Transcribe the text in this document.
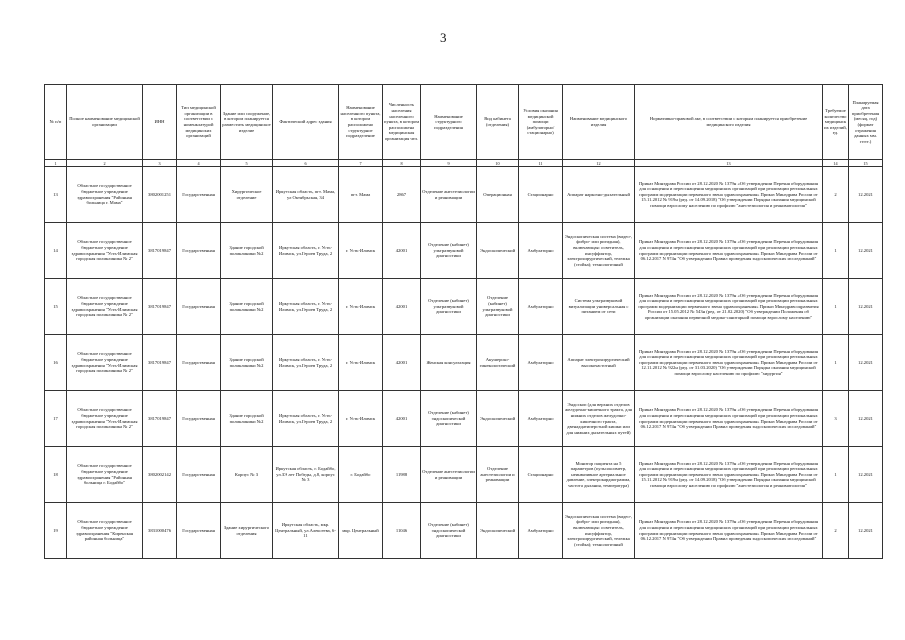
3
№ п/п	Полное наименование медицинской организации	ИНН	Тип медицинской организации в соответствии с номенклатурой медицинских организаций	Здание или сооружение, в котором планируется разместить медицинское изделие	Фактический адрес здания	Наименование населенного пункта, в котором расположено структурное подразделение	Численность населения населенного пункта, в котором расположена медицинская организация чел.	Наименование структурного подразделения	Вид кабинета (отделения)	Условия оказания медицинской помощи (амбулаторно/ стационарно)	Наименование медицинского изделия	Нормативно-правовой акт, в соответствии с которым планируется приобретение медицинского изделия	Требуемое количество медицинских изделий, ед.	Планируемая дата приобретения (месяц, год) (формат отражения данных мм. ггггг.)
1	2	3	4	5	6	7	8	9	10	11	12	13	14	15
13	Областное государственное бюджетное учреждение здравоохранения "Районная больница г. Мама"	3802001251	Государственная	Хирургическое отделение	Иркутская область, пгт. Мама, ул Октябрьская, 34	пгт. Мама	2867	Отделение анестезиологии и реанимации	Операционная	Стационарно	Аппарат наркозно-дыхательный	Приказ Минздрава России от 28.12.2020 № 1379н «Об утверждении Перечня оборудования для оснащения и переоснащения медицинских организаций при реализации региональных программ модернизации первичного звена здравоохранения» Приказ Минздрава России от 15.11.2012 № 919н (ред. от 14.09.2018) "Об утверждении Порядка оказания медицинской помощи взрослому населению по профилю "анестезиология и реаниматология"	2	12.2021
14	Областное государственное бюджетное учреждение здравоохранения "Усть-Илимская городская поликлиника № 2"	3817019847	Государственная	Здание городской поликлиники №2	Иркутская область, г. Усть-Илимск, ул.Героев Труда, 2	г. Усть-Илимск	42001	Отделение (кабинет) ультразвуковой диагностики	Эндоскопический	Амбулаторно	Эндоскопическая система (видео-, фибро- или ригидная), включающая: осветитель, инсуффлятор, электрохирургический, тележка (стойка); технологичный	Приказ Минздрава России от 28.12.2020 № 1379н «Об утверждении Перечня оборудования для оснащения и переоснащения медицинских организаций при реализации региональных программ модернизации первичного звена здравоохранения» Приказ Минздрава России от 06.12.2017 N 974н "Об утверждении Правил проведения эндоскопических исследований"	1	12.2021
15	Областное государственное бюджетное учреждение здравоохранения "Усть-Илимская городская поликлиника № 2"	3817019847	Государственная	Здание городской поликлиники №2	Иркутская область, г. Усть-Илимск, ул.Героев Труда, 2	г. Усть-Илимск	42001	Отделение (кабинет) ультразвуковой диагностики	Отделение (кабинет) ультразвуковой диагностики	Амбулаторно	Система ультразвуковой визуализации универсальная с питанием от сети	Приказ Минздрава России от 28.12.2020 № 1379н «Об утверждении Перечня оборудования для оснащения и переоснащения медицинских организаций при реализации региональных программ модернизации первичного звена здравоохранения» Приказ Минздравсоцразвития России от 15.05.2012 № 543н (ред. от 21.02.2020) "Об утверждении Положения об организации оказания первичной медико-санитарной помощи взрослому населению"	1	12.2021
16	Областное государственное бюджетное учреждение здравоохранения "Усть-Илимская городская поликлиника № 2"	3817019847	Государственная	Здание городской поликлиники №2	Иркутская область, г. Усть-Илимск, ул.Героев Труда, 2	г. Усть-Илимск	42001	Женская консультация	Акушерско-гинекологический	Амбулаторно	Аппарат электрохирургический высокочастотный	Приказ Минздрава России от 28.12.2020 № 1379н «Об утверждении Перечня оборудования для оснащения и переоснащения медицинских организаций при реализации региональных программ модернизации первичного звена здравоохранения» Приказ Минздрава России от 12.11.2012 № 922н (ред. от 31.03.2020) "Об утверждении Порядка оказания медицинской помощи взрослому населению по профилю "хирургия"	1	12.2021
17	Областное государственное бюджетное учреждение здравоохранения "Усть-Илимская городская поликлиника № 2"	3817019847	Государственная	Здание городской поликлиники №2	Иркутская область, г. Усть-Илимск, ул.Героев Труда, 2	г. Усть-Илимск	42001	Отделение (кабинет) эндоскопической диагностики	Эндоскопический	Амбулаторно	Эндоскоп (для верхних отделов желудочно-кишечного тракта, для нижних отделов желудочно-кишечного тракта, двенадцатиперстной кишки или для нижних дыхательных путей)	Приказ Минздрава России от 28.12.2020 № 1379н «Об утверждении Перечня оборудования для оснащения и переоснащения медицинских организаций при реализации региональных программ модернизации первичного звена здравоохранения» Приказ Минздрава России от 06.12.2017 N 974н "Об утверждении Правил проведения эндоскопических исследований"	3	12.2021
18	Областное государственное бюджетное учреждение здравоохранения "Районная больница г. Бодайбо"	3802002142	Государственная	Корпус № 3	Иркутская область, г. Бодайбо, ул.ЗЭ лет Победы, д.8, корпус № 3	г. Бодайбо	11988	Отделение анестезиологии и реанимации	Отделение анестезиологии и реанимации	Стационарно	Монитор пациента на 5 параметров (пульсоксиметр, неинвазивное артериальное давление, электрокардиограмма, частота дыхания, температура)	Приказ Минздрава России от 28.12.2020 № 1379н «Об утверждении Перечня оборудования для оснащения и переоснащения медицинских организаций при реализации региональных программ модернизации первичного звена здравоохранения» Приказ Минздрава России от 15.11.2012 № 919н (ред. от 14.09.2018) "Об утверждении Порядка оказания медицинской помощи взрослому населению по профилю "анестезиология и реаниматология"	1	12.2021
19	Областное государственное бюджетное учреждение здравоохранения "Киренская районная больница"	3831000476	Государственная	Здание хирургического отделения	Иркутская область, мкр. Центральный, ул.Алексеева, 6-11	мкр. Центральный	11046	Отделение (кабинет) эндоскопической диагностики	Эндоскопический	Амбулаторно	Эндоскопическая система (видео-, фибро- или ригидная), включающая: осветитель, инсуффлятор, электрохирургический, тележка (стойка); технологичный	Приказ Минздрава России от 28.12.2020 № 1379н «Об утверждении Перечня оборудования для оснащения и переоснащения медицинских организаций при реализации региональных программ модернизации первичного звена здравоохранения» Приказ Минздрава России от 06.12.2017 N 974н "Об утверждении Правил проведения эндоскопических исследований"	2	12.2021
